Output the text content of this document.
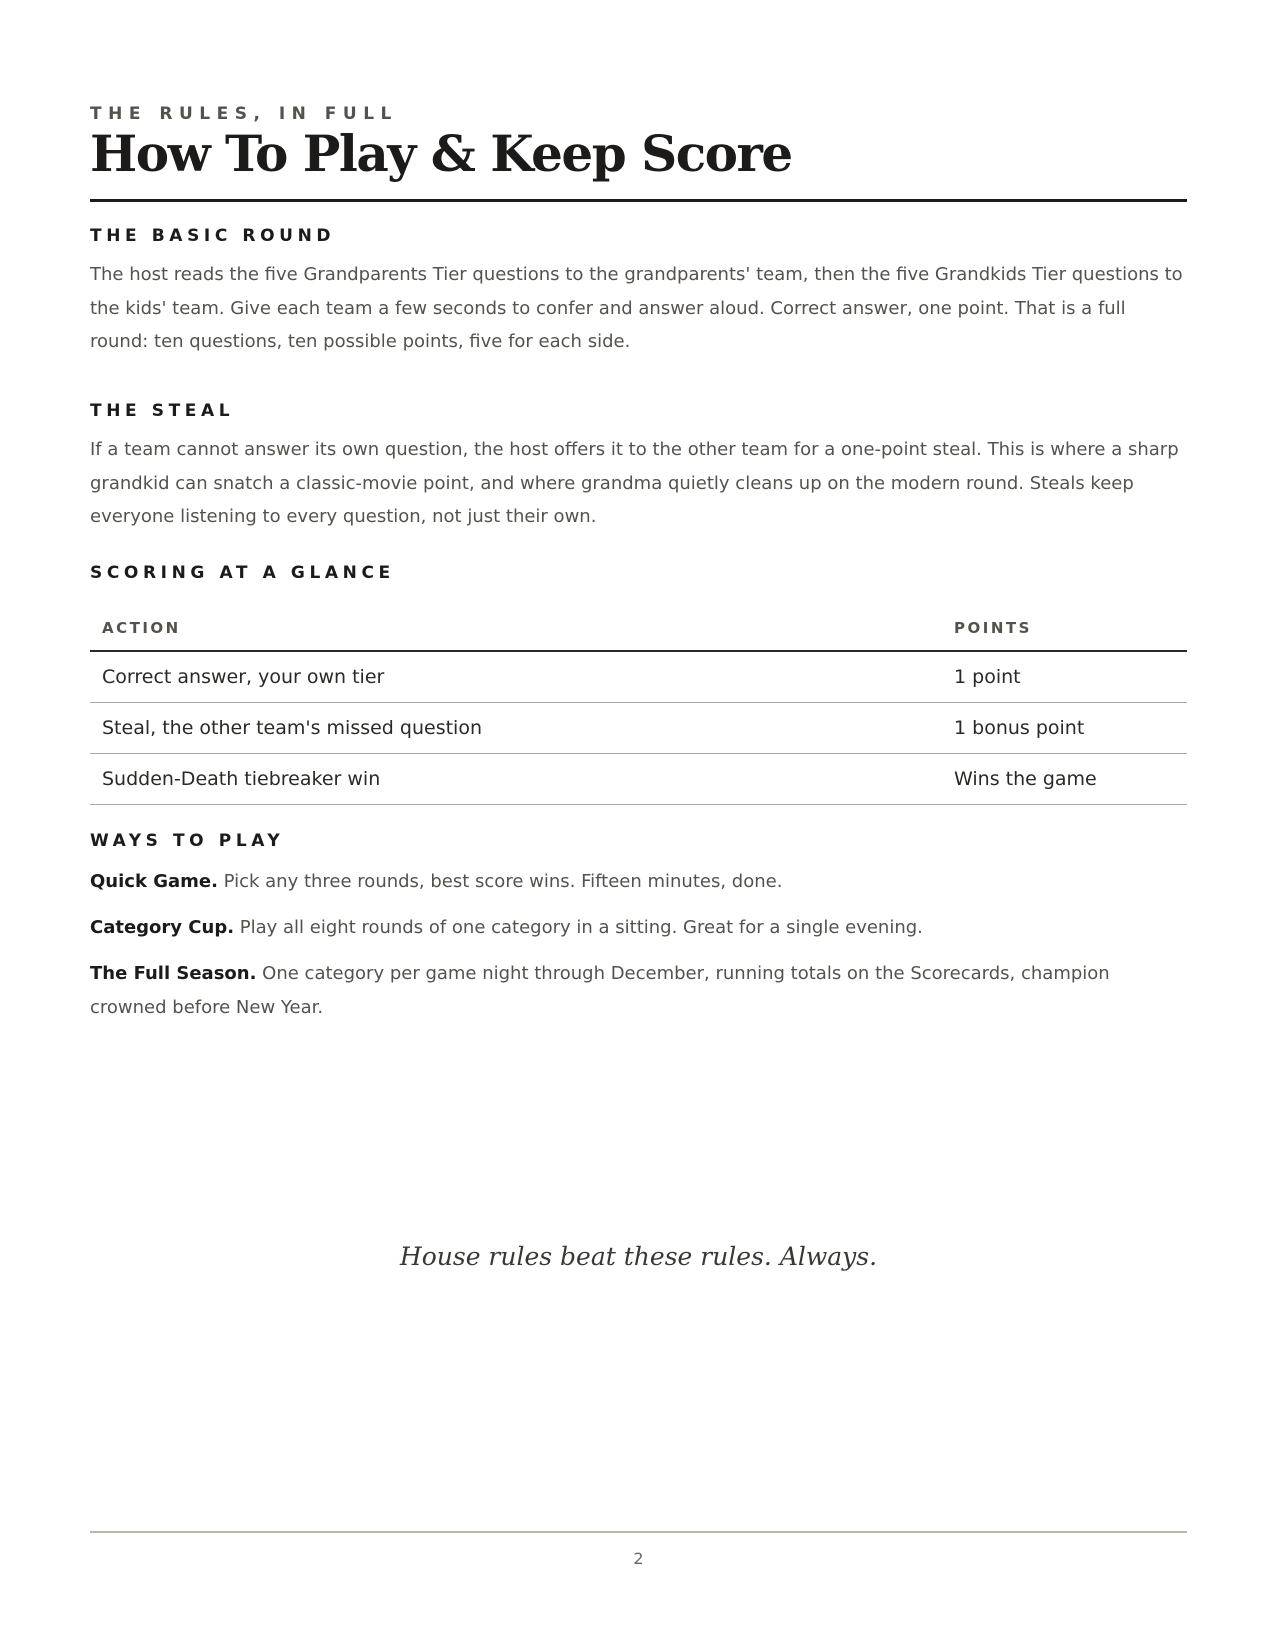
THE RULES, IN FULL
How To Play & Keep Score
THE BASIC ROUND

The host reads the five Grandparents Tier questions to the grandparents' team, then the five Grandkids Tier questions to the kids' team. Give each team a few seconds to confer and answer aloud. Correct answer, one point. That is a full round: ten questions, ten possible points, five for each side.

THE STEAL

If a team cannot answer its own question, the host offers it to the other team for a one-point steal. This is where a sharp grandkid can snatch a classic-movie point, and where grandma quietly cleans up on the modern round. Steals keep everyone listening to every question, not just their own.

SCORING AT A GLANCE
ACTION	POINTS
Correct answer, your own tier	1 point
Steal, the other team's missed question	1 bonus point
Sudden-Death tiebreaker win	Wins the game
WAYS TO PLAY

Quick Game. Pick any three rounds, best score wins. Fifteen minutes, done.

Category Cup. Play all eight rounds of one category in a sitting. Great for a single evening.

The Full Season. One category per game night through December, running totals on the Scorecards, champion crowned before New Year.

House rules beat these rules. Always.
2
